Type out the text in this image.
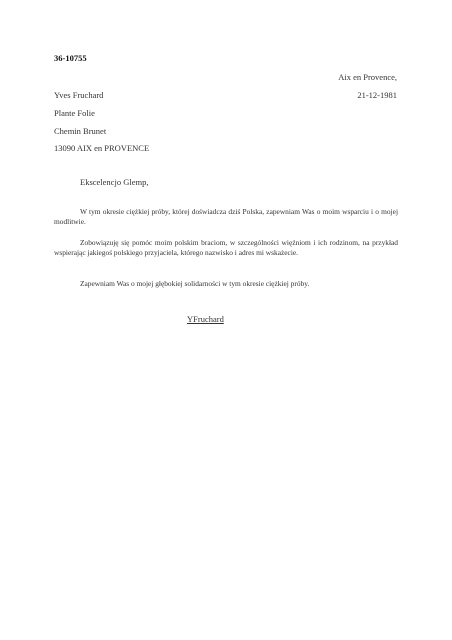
36-10755
Aix en Provence,
Yves Fruchard	21-12-1981
Plante Folie
Chemin Brunet
13090 AIX en PROVENCE
Ekscelencjo Glemp,

W tym okresie ciężkiej próby, której doświadcza dziś Polska, zapewniam Was o moim wsparciu i o mojej modlitwie.

Zobowiązuję się pomóc moim polskim braciom, w szczególności więźniom i ich rodzinom, na przykład wspierając jakiegoś polskiego przyjaciela, którego nazwisko i adres mi wskażecie.

Zapewniam Was o mojej głębokiej solidarności w tym okresie ciężkiej próby.

YFruchard
